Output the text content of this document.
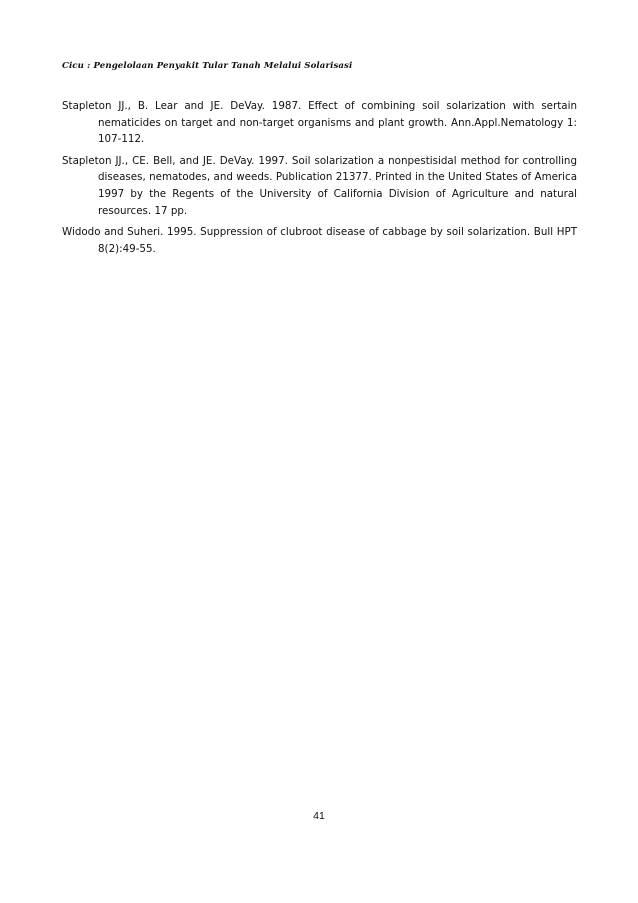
Cicu : Pengelolaan Penyakit Tular Tanah Melalui Solarisasi

Stapleton JJ., B. Lear and JE. DeVay. 1987. Effect of combining soil solarization with sertain nematicides on target and non-target organisms and plant growth. Ann.Appl.Nematology 1: 107-112.

Stapleton JJ., CE. Bell, and JE. DeVay. 1997. Soil solarization a nonpestisidal method for controlling diseases, nematodes, and weeds. Publication 21377. Printed in the United States of America 1997 by the Regents of the University of California Division of Agriculture and natural resources. 17 pp.

Widodo and Suheri. 1995. Suppression of clubroot disease of cabbage by soil solarization. Bull HPT 8(2):49-55.

41
